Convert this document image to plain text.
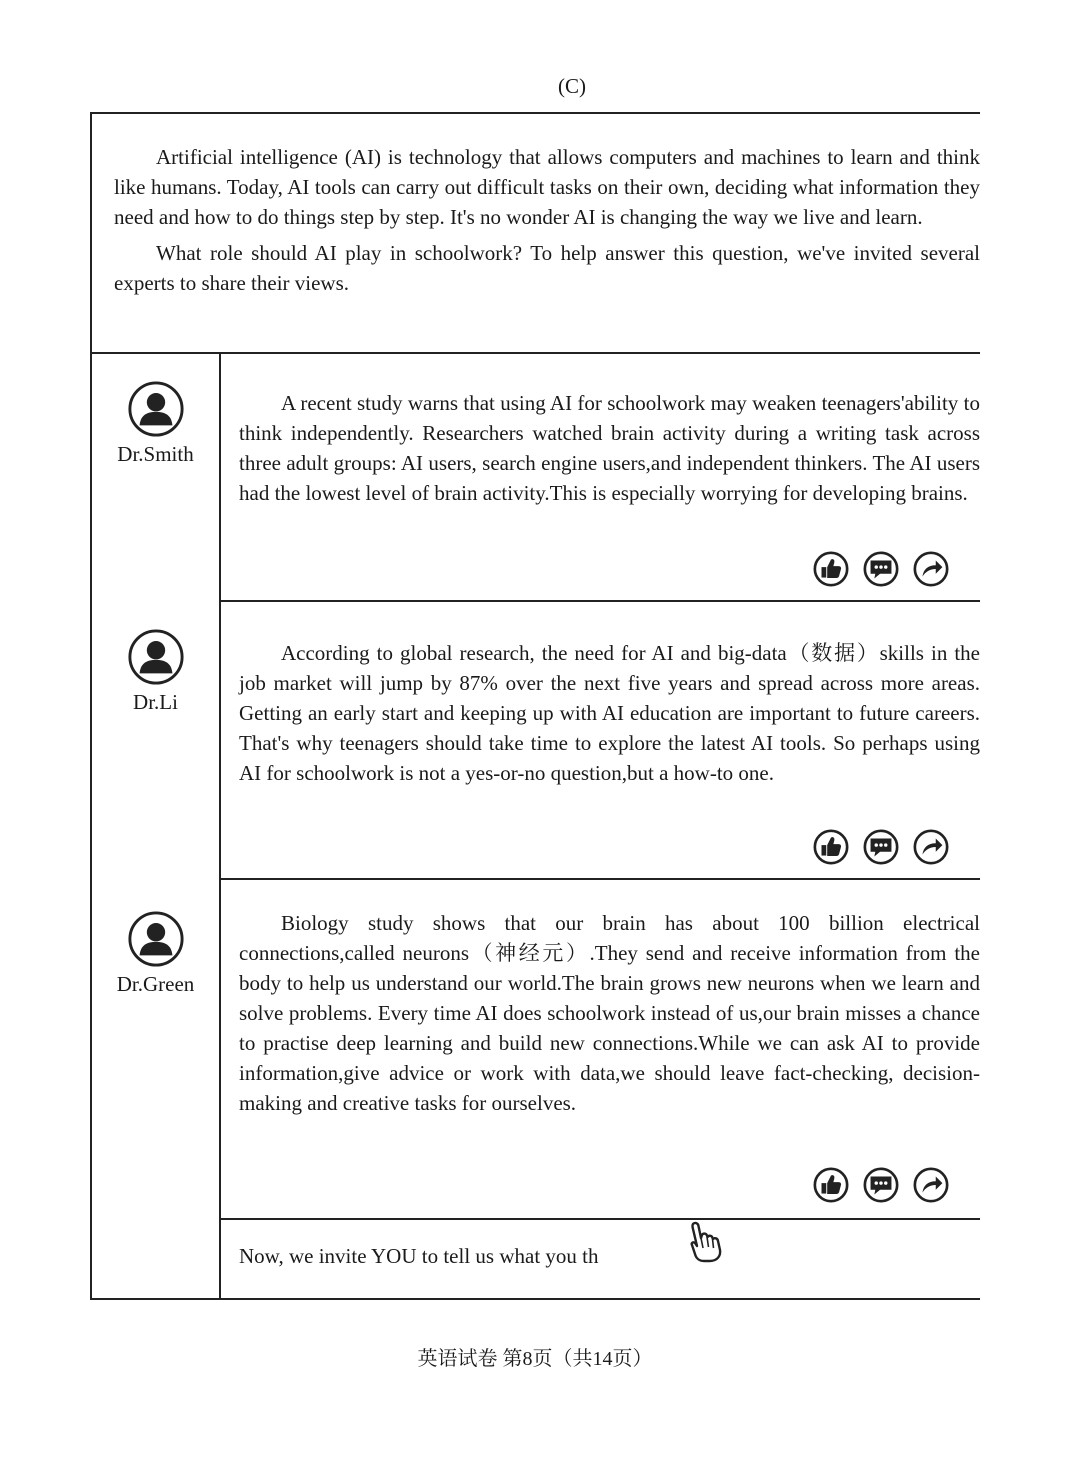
(C)

Artificial intelligence (AI) is technology that allows computers and machines to learn and think like humans. Today, AI tools can carry out difficult tasks on their own, deciding what information they need and how to do things step by step. It's no wonder AI is changing the way we live and learn.

What role should AI play in schoolwork? To help answer this question, we've invited several experts to share their views.

Dr.Smith
Dr.Li
Dr.Green

A recent study warns that using AI for schoolwork may weaken teenagers'ability to think independently. Researchers watched brain activity during a writing task across three adult groups: AI users, search engine users,and independent thinkers. The AI users had the lowest level of brain activity.This is especially worrying for developing brains.

According to global research, the need for AI and big-data（数据）skills in the job market will jump by 87% over the next five years and spread across more areas. Getting an early start and keeping up with AI education are important to future careers. That's why teenagers should take time to explore the latest AI tools. So perhaps using AI for schoolwork is not a yes-or-no question,but a how-to one.

Biology study shows that our brain has about 100 billion electrical connections,called neurons（神经元）.They send and receive information from the body to help us understand our world.The brain grows new neurons when we learn and solve problems. Every time AI does schoolwork instead of us,our brain misses a chance to practise deep learning and build new connections.While we can ask AI to provide information,give advice or work with data,we should leave fact-checking, decision-making and creative tasks for ourselves.

Now, we invite YOU to tell us what you th
英语试卷 第8页（共14页）
